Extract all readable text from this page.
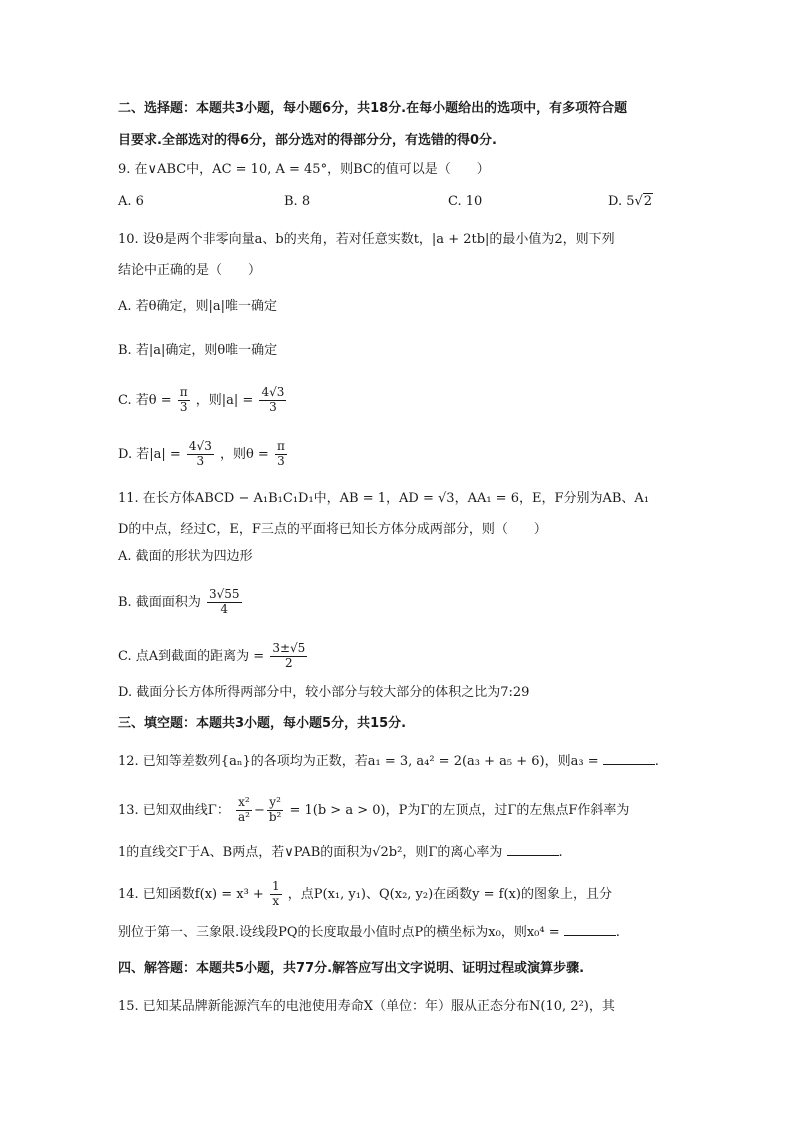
二、选择题：本题共3小题，每小题6分，共18分.在每小题给出的选项中，有多项符合题
目要求.全部选对的得6分，部分选对的得部分分，有选错的得0分.
9. 在∨ABC中，AC = 10, A = 45°，则BC的值可以是（　　）
A. 6	B. 8	C. 10	D. 5√2
10. 设θ是两个非零向量a、b的夹角，若对任意实数t，|a + 2tb|的最小值为2，则下列
结论中正确的是（　　）
A. 若θ确定，则|a|唯一确定
B. 若|a|确定，则θ唯一确定
C. 若$\theta = \frac{\pi}{3}$ ，则$|a| = \frac{4√3}{3}$
D. 若$|a| = \frac{4√3}{3}$ ，则$\theta = \frac{\pi}{3}$
11. 在长方体ABCD − A₁B₁C₁D₁中，AB = 1，AD = √3，AA₁ = 6，E，F分别为AB、A₁
D的中点，经过C，E，F三点的平面将已知长方体分成两部分，则（　　）
A. 截面的形状为四边形
B. 截面面积为 $\frac{3√55}{4}$
C. 点A到截面的距离为 = $\frac{3\pm√5}{2}$
D. 截面分长方体所得两部分中，较小部分与较大部分的体积之比为7:29
三、填空题：本题共3小题，每小题5分，共15分.
12. 已知等差数列{aₙ}的各项均为正数，若a₁ = 3, a₄² = 2(a₃ + a₅ + 6)，则a₃ =	.
13. 已知双曲线Γ： $\frac{\text{x²}}{\text{a²}} - \frac{\text{y²}}{\text{b²}} = 1(b > a > 0)$，P为Γ的左顶点，过Γ的左焦点F作斜率为
1的直线交Γ于A、B两点，若∨PAB的面积为√2b²，则Γ的离心率为	.
14. 已知函数$f(x) = x^3 + \frac{1}{x}$ ，点P(x₁, y₁)、Q(x₂, y₂)在函数y = f(x)的图象上，且分
别位于第一、三象限.设线段PQ的长度取最小值时点P的横坐标为x₀，则x₀⁴ =	.
四、解答题：本题共5小题，共77分.解答应写出文字说明、证明过程或演算步骤.
15. 已知某品牌新能源汽车的电池使用寿命X（单位：年）服从正态分布N(10, 2²)，其
